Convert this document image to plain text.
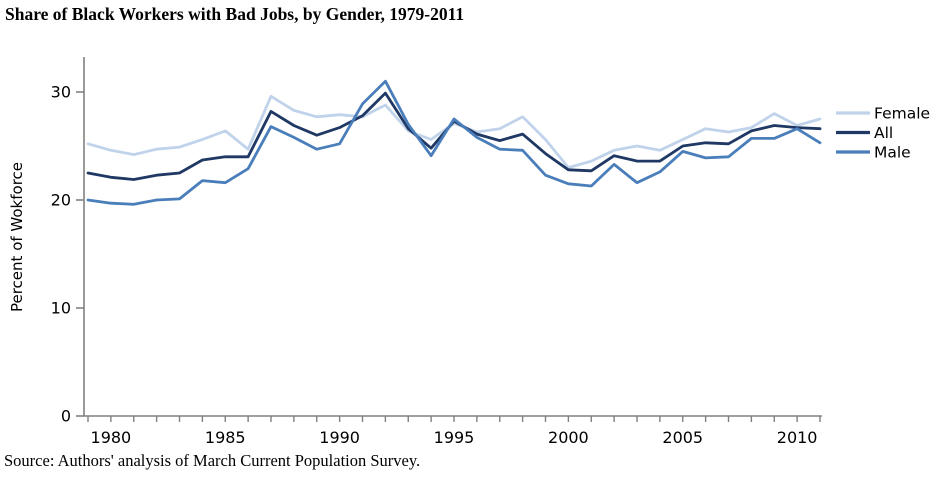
Share of Black Workers with Bad Jobs, by Gender, 1979-2011
0
10
20
30
1980	1985	1990	1995	2000	2005	2010
Percent of Wokforce
Female
All
Male
Source: Authors' analysis of March Current Population Survey.
